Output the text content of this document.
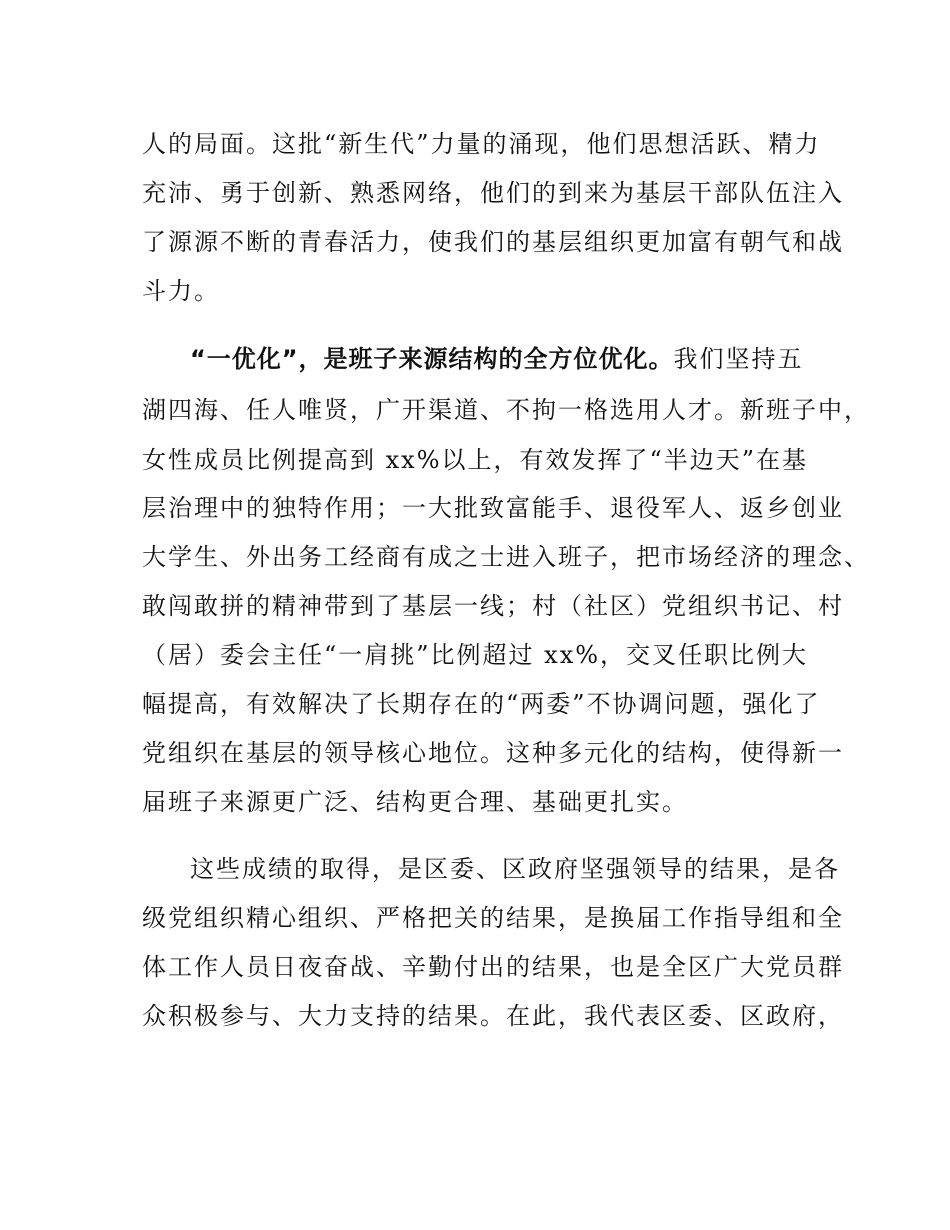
人的局面。这批“新生代”力量的涌现，他们思想活跃、精力
充沛、勇于创新、熟悉网络，他们的到来为基层干部队伍注入
了源源不断的青春活力，使我们的基层组织更加富有朝气和战
斗力。
“一优化”，是班子来源结构的全方位优化。我们坚持五
湖四海、任人唯贤，广开渠道、不拘一格选用人才。新班子中，
女性成员比例提高到 xx%以上，有效发挥了“半边天”在基
层治理中的独特作用；一大批致富能手、退役军人、返乡创业
大学生、外出务工经商有成之士进入班子，把市场经济的理念、
敢闯敢拼的精神带到了基层一线；村（社区）党组织书记、村
（居）委会主任“一肩挑”比例超过 xx%，交叉任职比例大
幅提高，有效解决了长期存在的“两委”不协调问题，强化了
党组织在基层的领导核心地位。这种多元化的结构，使得新一
届班子来源更广泛、结构更合理、基础更扎实。
这些成绩的取得，是区委、区政府坚强领导的结果，是各
级党组织精心组织、严格把关的结果，是换届工作指导组和全
体工作人员日夜奋战、辛勤付出的结果，也是全区广大党员群
众积极参与、大力支持的结果。在此，我代表区委、区政府，
